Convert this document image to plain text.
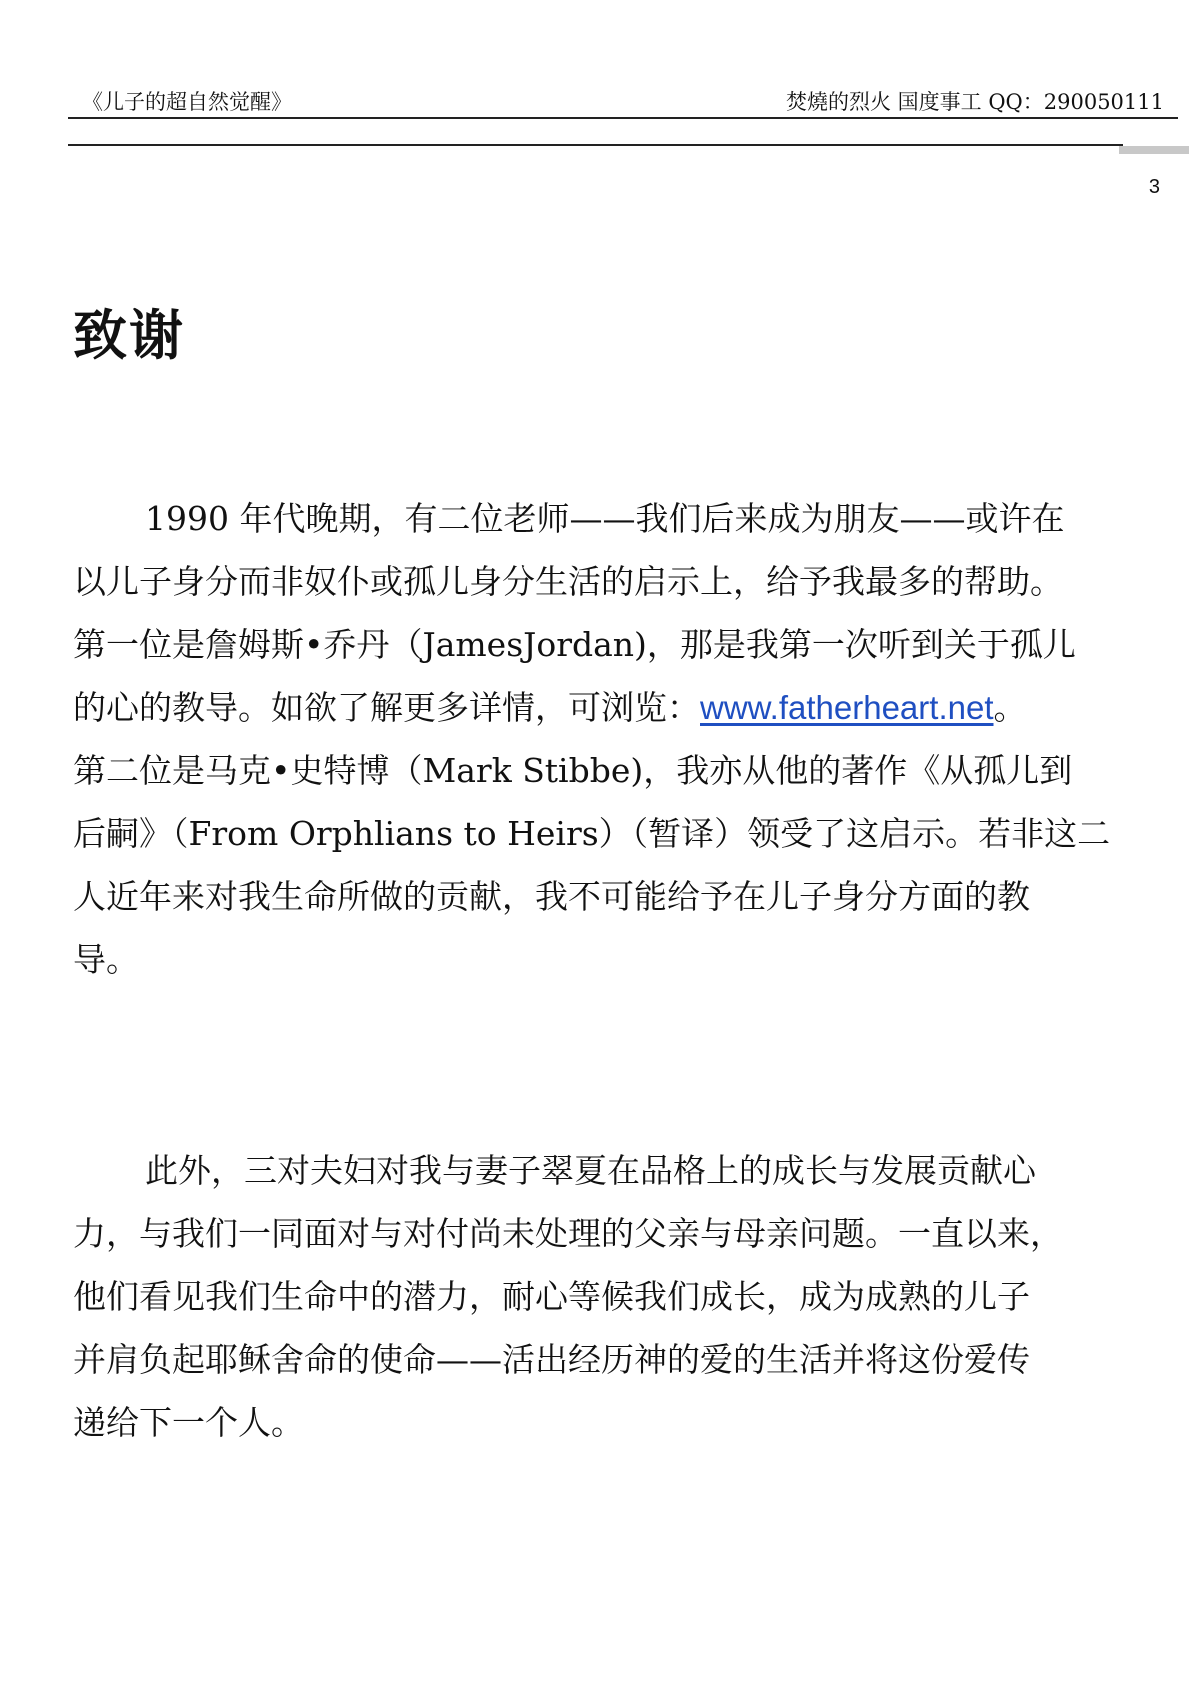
《儿子的超自然觉醒》	焚燒的烈火 国度事工 QQ：290050111
3
致谢

1990 年代晚期，有二位老师——我们后来成为朋友——或许在
以儿子身分而非奴仆或孤儿身分生活的启示上，给予我最多的帮助。
第一位是詹姆斯•乔丹（JamesJordan)，那是我第一次听到关于孤儿
的心的教导。如欲了解更多详情，可浏览：www.fatherheart.net。
第二位是马克•史特博（Mark Stibbe)，我亦从他的著作《从孤儿到
后嗣》（From Orphlians to Heirs）（暂译）领受了这启示。若非这二
人近年来对我生命所做的贡献，我不可能给予在儿子身分方面的教
导。

此外，三对夫妇对我与妻子翠夏在品格上的成长与发展贡献心
力，与我们一同面对与对付尚未处理的父亲与母亲问题。一直以来，
他们看见我们生命中的潜力，耐心等候我们成长，成为成熟的儿子
并肩负起耶稣舍命的使命——活出经历神的爱的生活并将这份爱传
递给下一个人。
